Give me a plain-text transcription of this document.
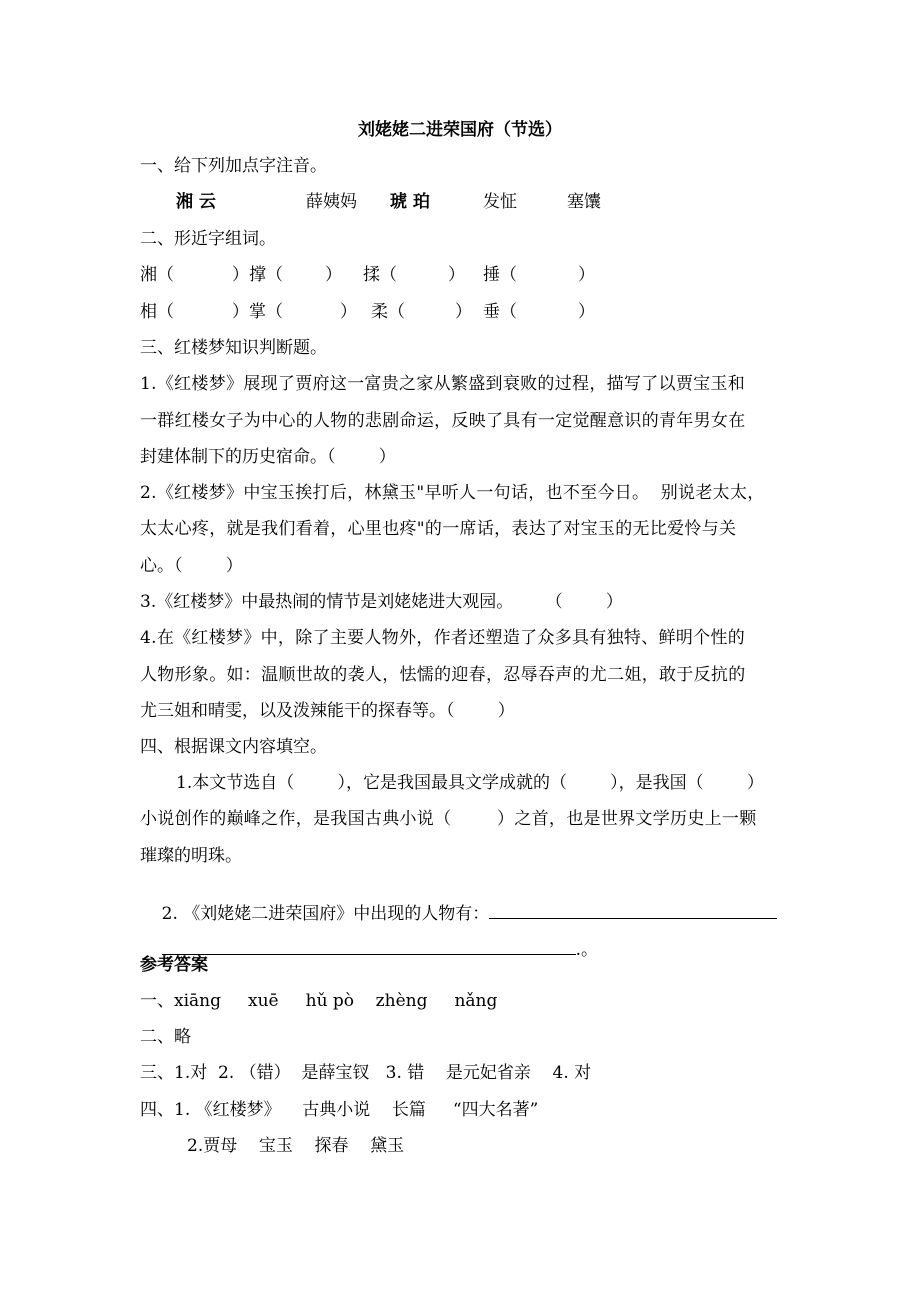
刘姥姥二进荣国府（节选）
一、给下列加点字注音。
湘 云	薛姨妈 琥 珀	发怔	塞馕
二、形近字组词。
湘（	）撑（ ） 揉（	） 捶（	）
相（	）掌（	） 柔（	） 垂（	）
三、红楼梦知识判断题。
1.《红楼梦》展现了贾府这一富贵之家从繁盛到衰败的过程，描写了以贾宝玉和
一群红楼女子为中心的人物的悲剧命运，反映了具有一定觉醒意识的青年男女在
封建体制下的历史宿命。（        ）
2.《红楼梦》中宝玉挨打后，林黛玉"早听人一句话，也不至今日。  别说老太太，
太太心疼，就是我们看着，心里也疼"的一席话，表达了对宝玉的无比爱怜与关
心。（        ）
3.《红楼梦》中最热闹的情节是刘姥姥进大观园。      （        ）
4.在《红楼梦》中，除了主要人物外，作者还塑造了众多具有独特、鲜明个性的
人物形象。如：温顺世故的袭人，怯懦的迎春，忍辱吞声的尤二姐，敢于反抗的
尤三姐和晴雯，以及泼辣能干的探春等。（        ）
四、根据课文内容填空。
1.本文节选自（        ），它是我国最具文学成就的（        ），是我国（        ）
小说创作的巅峰之作，是我国古典小说（        ）之首，也是世界文学历史上一颗
璀璨的明珠。

2. 《刘姥姥二进荣国府》中出现的人物有：

.。

参考答案
一、xiāng     xuē     hǔ pò    zhèng     nǎng
二、略
三、1.对  2. （错）  是薛宝钗   3. 错    是元妃省亲    4. 对
四、1. 《红楼梦》    古典小说    长篇     “四大名著”
2.贾母    宝玉    探春    黛玉
